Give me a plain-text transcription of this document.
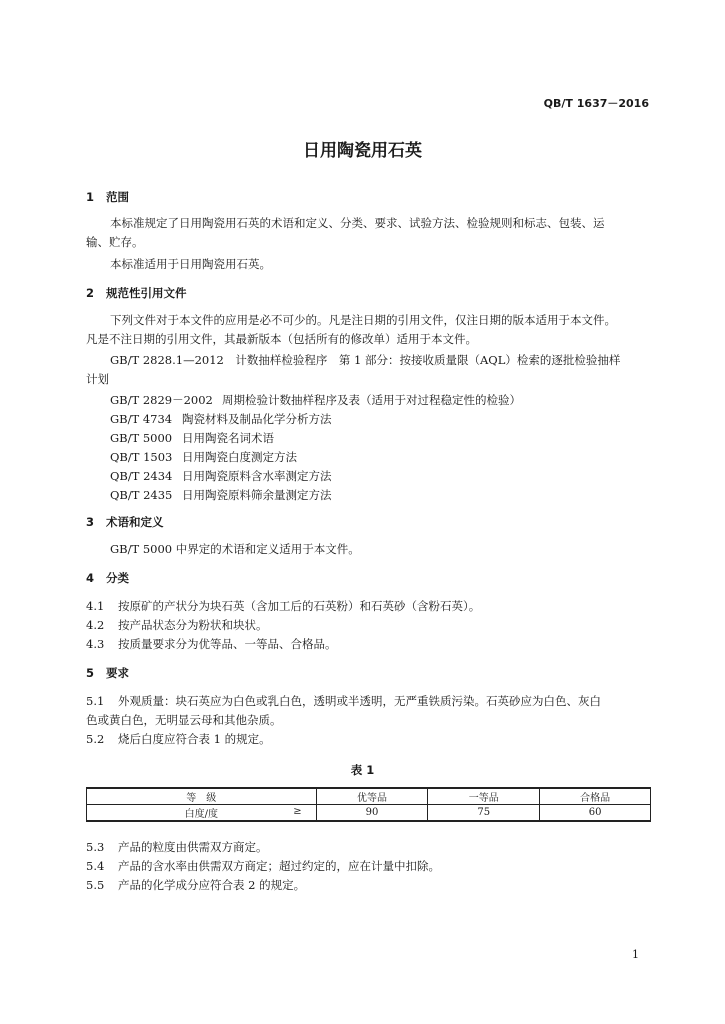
QB/T 1637－2016
日用陶瓷用石英
1 范围
本标准规定了日用陶瓷用石英的术语和定义、分类、要求、试验方法、检验规则和标志、包装、运
输、贮存。
本标准适用于日用陶瓷用石英。
2 规范性引用文件
下列文件对于本文件的应用是必不可少的。凡是注日期的引用文件，仅注日期的版本适用于本文件。
凡是不注日期的引用文件，其最新版本（包括所有的修改单）适用于本文件。
GB/T 2828.1—2012　计数抽样检验程序　第 1 部分：按接收质量限（AQL）检索的逐批检验抽样
计划
GB/T 2829－2002 周期检验计数抽样程序及表（适用于对过程稳定性的检验）
GB/T 4734 陶瓷材料及制品化学分析方法
GB/T 5000 日用陶瓷名词术语
QB/T 1503 日用陶瓷白度测定方法
QB/T 2434 日用陶瓷原料含水率测定方法
QB/T 2435 日用陶瓷原料筛余量测定方法
3 术语和定义
GB/T 5000 中界定的术语和定义适用于本文件。
4 分类
4.1 按原矿的产状分为块石英（含加工后的石英粉）和石英砂（含粉石英）。
4.2 按产品状态分为粉状和块状。
4.3 按质量要求分为优等品、一等品、合格品。
5 要求
5.1 外观质量：块石英应为白色或乳白色，透明或半透明，无严重铁质污染。石英砂应为白色、灰白
色或黄白色，无明显云母和其他杂质。
5.2 烧后白度应符合表 1 的规定。
表 1
等　级	优等品	一等品	合格品
白度/度 ≥	90	75	60
5.3 产品的粒度由供需双方商定。
5.4 产品的含水率由供需双方商定；超过约定的，应在计量中扣除。
5.5 产品的化学成分应符合表 2 的规定。
1
